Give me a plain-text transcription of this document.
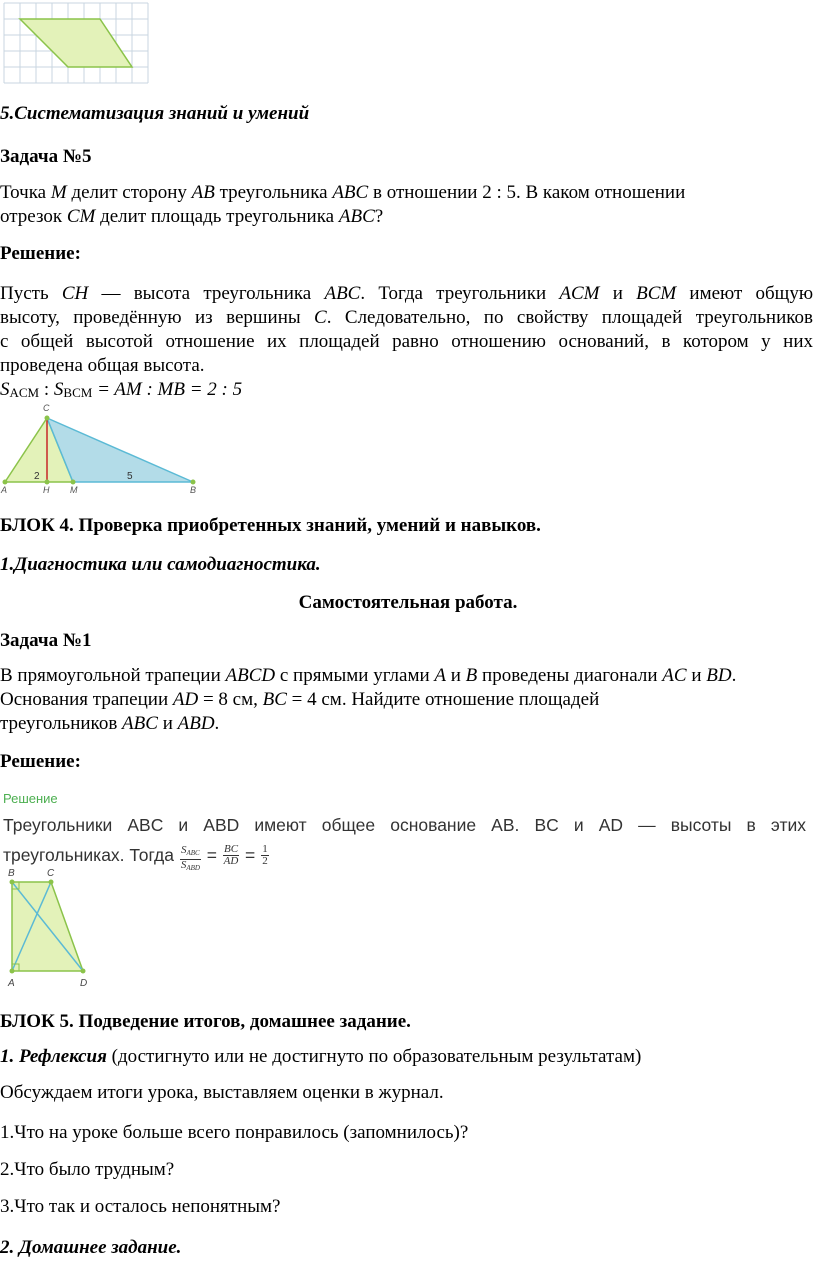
5.Систематизация знаний и умений
Задача №5
Точка M делит сторону AB треугольника ABC в отношении 2 : 5. В каком отношении
отрезок CM делит площадь треугольника ABC?
Решение:
Пусть CH — высота треугольника ABC. Тогда треугольники ACM и BCM имеют общую
высоту, проведённую из вершины C. Следовательно, по свойству площадей треугольников
с общей высотой отношение их площадей равно отношению оснований, в котором у них
проведена общая высота.
$S_{ACM}$ : $S_{BCM}$ = AM : MB = 2 : 5
C
A	H M	B
2	5
БЛОК 4. Проверка приобретенных знаний, умений и навыков.
1.Диагностика или самодиагностика.
Самостоятельная работа.
Задача №1
В прямоугольной трапеции ABCD с прямыми углами A и B проведены диагонали AC и BD.
Основания трапеции AD = 8 см, BC = 4 см. Найдите отношение площадей
треугольников ABC и ABD.
Решение:
Решение
Треугольники ABC и ABD имеют общее основание AB. BC и AD — высоты в этих
треугольниках. Тогда $S_{ABC}$
$S_{ABD}$
= $\frac{BC}{AD} = \frac{1}{2}$
B	C
A	D
БЛОК 5. Подведение итогов, домашнее задание.
1. Рефлексия (достигнуто или не достигнуто по образовательным результатам)
Обсуждаем итоги урока, выставляем оценки в журнал.
1.Что на уроке больше всего понравилось (запомнилось)?
2.Что было трудным?
3.Что так и осталось непонятным?
2. Домашнее задание.
